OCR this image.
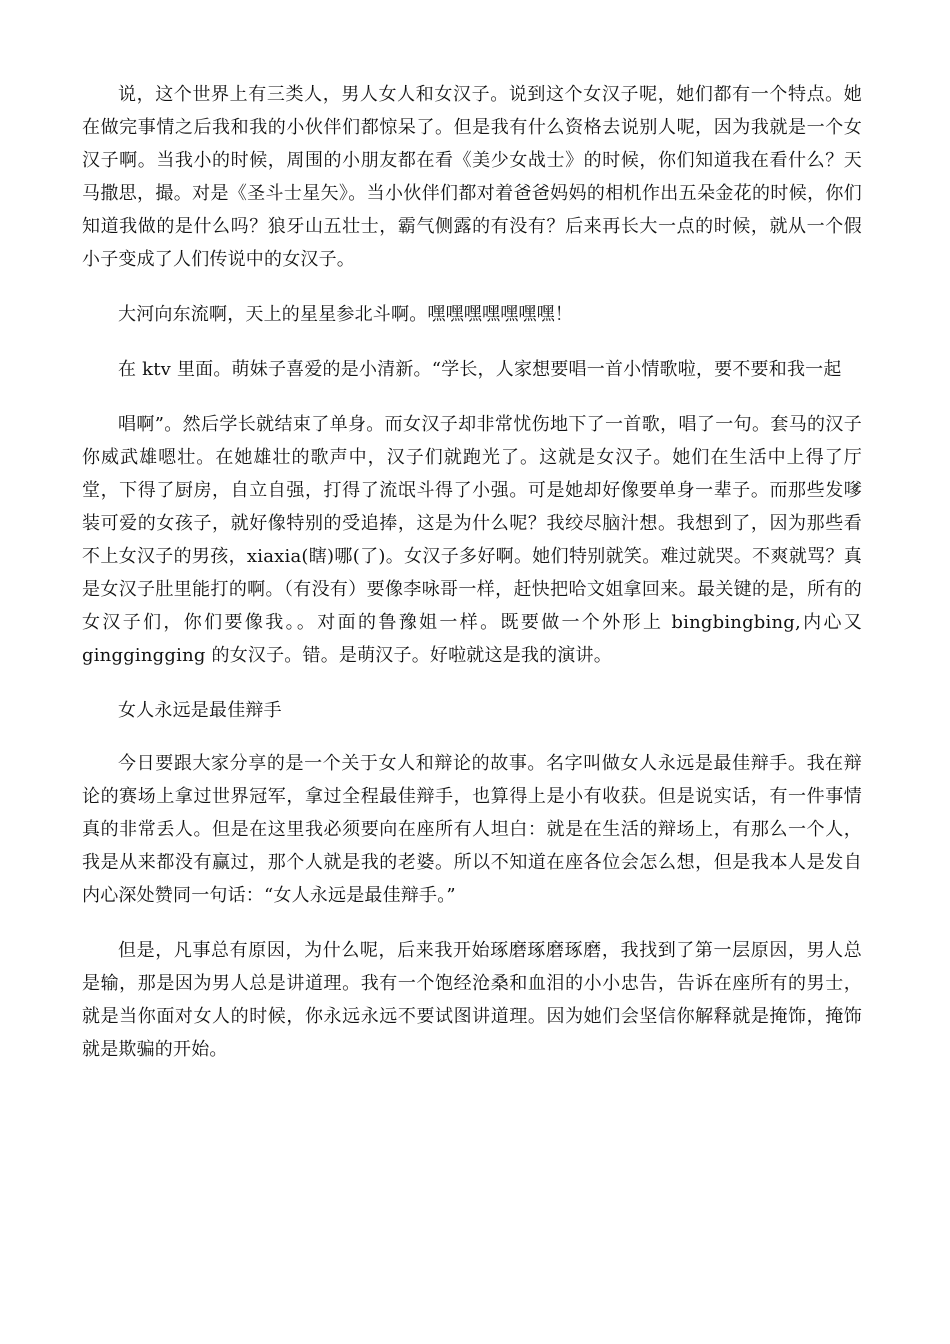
说，这个世界上有三类人，男人女人和女汉子。说到这个女汉子呢，她们都有一个特点。她在做完事情之后我和我的小伙伴们都惊呆了。但是我有什么资格去说别人呢，因为我就是一个女汉子啊。当我小的时候，周围的小朋友都在看《美少女战士》的时候，你们知道我在看什么？天马撒思，撮。对是《圣斗士星矢》。当小伙伴们都对着爸爸妈妈的相机作出五朵金花的时候，你们知道我做的是什么吗？狼牙山五壮士，霸气侧露的有没有？后来再长大一点的时候，就从一个假小子变成了人们传说中的女汉子。

大河向东流啊，天上的星星参北斗啊。嘿嘿嘿嘿嘿嘿嘿！

在 ktv 里面。萌妹子喜爱的是小清新。“学长，人家想要唱一首小情歌啦，要不要和我一起

唱啊”。然后学长就结束了单身。而女汉子却非常忧伤地下了一首歌，唱了一句。套马的汉子你威武雄嗯壮。在她雄壮的歌声中，汉子们就跑光了。这就是女汉子。她们在生活中上得了厅堂，下得了厨房，自立自强，打得了流氓斗得了小强。可是她却好像要单身一辈子。而那些发嗲装可爱的女孩子，就好像特别的受追捧，这是为什么呢？我绞尽脑汁想。我想到了，因为那些看不上女汉子的男孩，xiaxia(瞎)哪(了)。女汉子多好啊。她们特别就笑。难过就哭。不爽就骂？真是女汉子肚里能打的啊。（有没有）要像李咏哥一样，赶快把哈文姐拿回来。最关键的是，所有的女汉子们，你们要像我。。对面的鲁豫姐一样。既要做一个外形上 bingbingbing,内心又 ginggingging 的女汉子。错。是萌汉子。好啦就这是我的演讲。

女人永远是最佳辩手

今日要跟大家分享的是一个关于女人和辩论的故事。名字叫做女人永远是最佳辩手。我在辩论的赛场上拿过世界冠军，拿过全程最佳辩手，也算得上是小有收获。但是说实话，有一件事情真的非常丢人。但是在这里我必须要向在座所有人坦白：就是在生活的辩场上，有那么一个人，我是从来都没有赢过，那个人就是我的老婆。所以不知道在座各位会怎么想，但是我本人是发自内心深处赞同一句话：“女人永远是最佳辩手。”

但是，凡事总有原因，为什么呢，后来我开始琢磨琢磨琢磨，我找到了第一层原因，男人总是输，那是因为男人总是讲道理。我有一个饱经沧桑和血泪的小小忠告，告诉在座所有的男士，就是当你面对女人的时候，你永远永远不要试图讲道理。因为她们会坚信你解释就是掩饰，掩饰就是欺骗的开始。
